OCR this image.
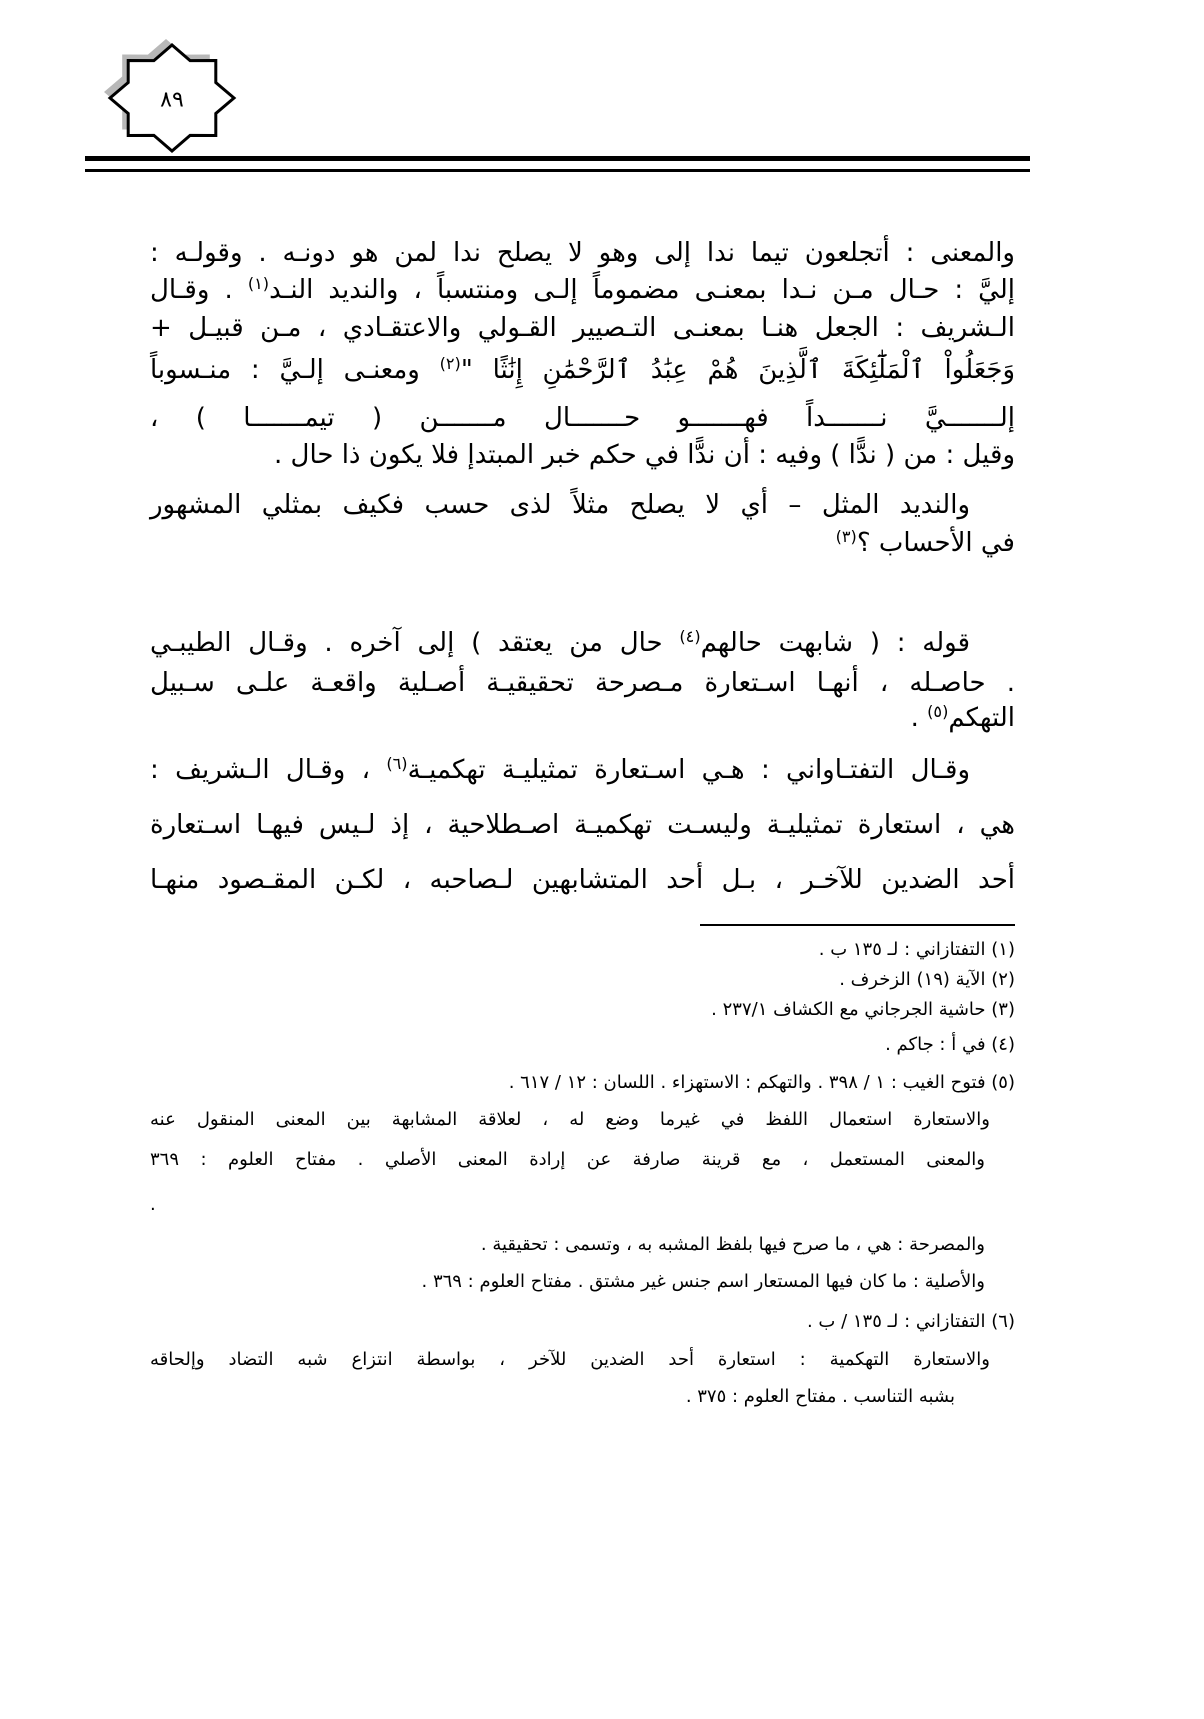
٨٩
والمعنى : أتجلعون تيما ندا إلى وهو لا يصلح ندا لمن هو دونـه . وقولـه :
إليَّ : حـال مـن نـدا بمعنـى مضموماً إلـى ومنتسباً ، والنديد النـد$^{(١)}$ . وقـال
الـشريف : الجعل هنـا بمعنـى التـصيير القـولي والاعتقـادي ، مـن قبيـل +
وَجَعَلُواْ ٱلْمَلَٰٓئِكَةَ ٱلَّذِينَ هُمْ عِبَٰدُ ٱلرَّحْمَٰنِ إِنَٰثًا "$^{(٢)}$ ومعنـى إلـيَّ : منـسوباً
إلـــــــيَّ نـــــــداً فهـــــــو حـــــــال مـــــــن ( تيمـــــــا ) ،
وقيل : من ( ندًّا ) وفيه : أن ندًّا في حكم خبر المبتدإ فلا يكون ذا حال .
والنديد المثل – أي لا يصلح مثلاً لذى حسب فكيف بمثلي المشهور
في الأحساب ؟$^{(٣)}$
قوله : ( شابهت حالهم$^{(٤)}$ حال من يعتقد ) إلى آخره . وقـال الطيبـي
. حاصـله ، أنهـا اسـتعارة مـصرحة تحقيقيـة أصـلية واقعـة علـى سـبيل
التهكم$^{(٥)}$ .
وقـال التفتـاواني : هـي اسـتعارة تمثيليـة تهكميـة$^{(٦)}$ ، وقـال الـشريف :
هي ، استعارة تمثيليـة وليسـت تهكميـة اصـطلاحية ، إذ لـيس فيهـا اسـتعارة
أحد الضدين للآخـر ، بـل أحد المتشابهين لـصاحبه ، لكـن المقـصود منهـا
(١) التفتازاني : لـ ١٣٥ ب .
(٢) الآية (١٩) الزخرف .
(٣) حاشية الجرجاني مع الكشاف ٢٣٧/١ .
(٤) في أ : جاكم .
(٥) فتوح الغيب : ١ / ٣٩٨ . والتهكم : الاستهزاء . اللسان : ١٢ / ٦١٧ .
والاستعارة استعمال اللفظ في غيرما وضع له ، لعلاقة المشابهة بين المعنى المنقول عنه
والمعنى المستعمل ، مع قرينة صارفة عن إرادة المعنى الأصلي . مفتاح العلوم : ٣٦٩
.
والمصرحة : هي ، ما صرح فيها بلفظ المشبه به ، وتسمى : تحقيقية .
والأصلية : ما كان فيها المستعار اسم جنس غير مشتق . مفتاح العلوم : ٣٦٩ .
(٦) التفتازاني : لـ ١٣٥ / ب .
والاستعارة التهكمية : استعارة أحد الضدين للآخر ، بواسطة انتزاع شبه التضاد وإلحاقه
بشبه التناسب . مفتاح العلوم : ٣٧٥ .
